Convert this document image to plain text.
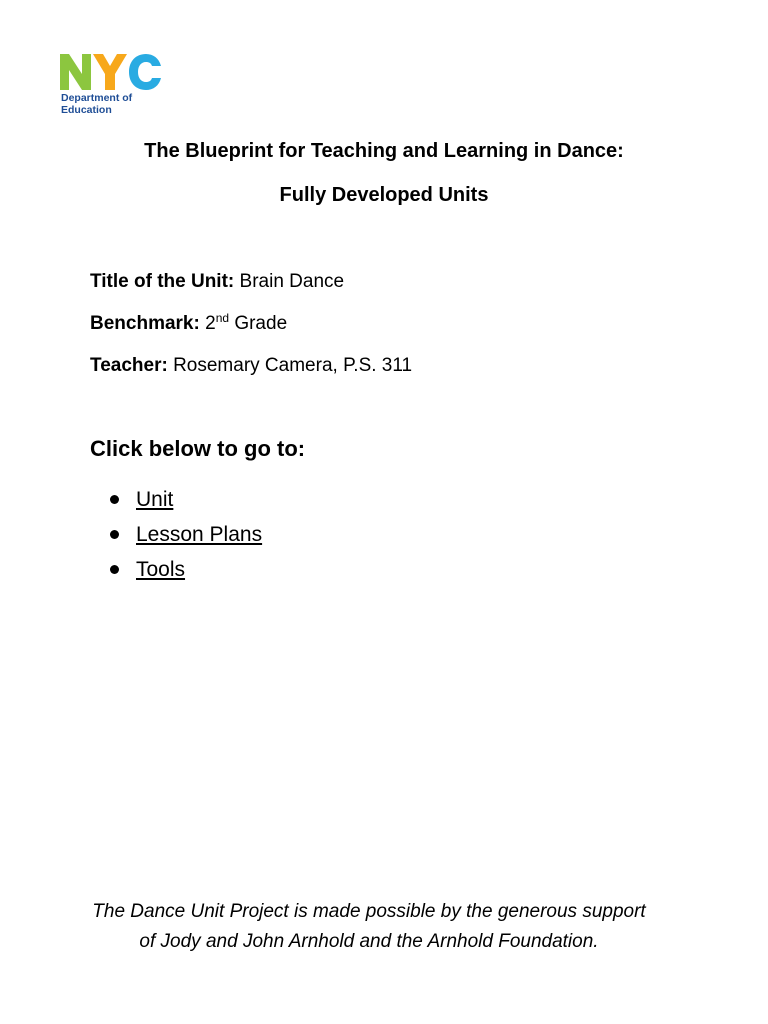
Department of
Education
The Blueprint for Teaching and Learning in Dance:
Fully Developed Units
Title of the Unit: Brain Dance
Benchmark: 2nd Grade
Teacher: Rosemary Camera, P.S. 311
Click below to go to:
Unit
Lesson Plans
Tools
The Dance Unit Project is made possible by the generous support
of Jody and John Arnhold and the Arnhold Foundation.
